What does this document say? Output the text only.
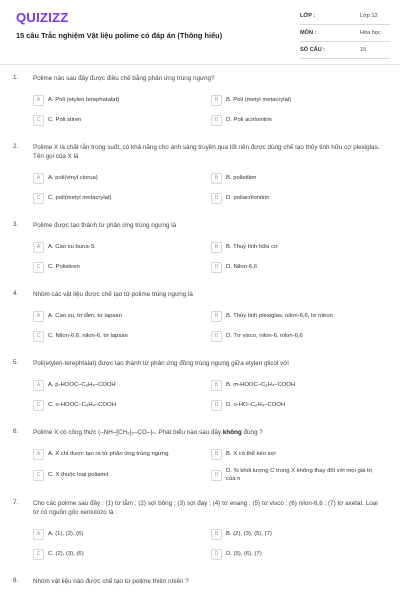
QUIZIZZ
15 câu Trắc nghiệm Vật liệu polime có đáp án (Thông hiểu)
LỚP :	Lớp 12
MÔN :	Hóa học
SỐ CÂU :	15
1. Polime nào sau đây được điều chế bằng phản ứng trùng ngưng?

A	A. Poli (etylen terephatalat)	B	B. Poli (metyl metacrylat)
C	C. Poli stiren	D	D. Poli acrilonitrin
2. Polime X là chất rắn trong suốt, có khả năng cho ánh sáng truyền qua tốt nên được dùng chế tạo thủy tinh hữu cơ plexiglas. Tên gọi của X là

A	A. poli(vinyl clorua)	B	B. polietilen
C	C. poli(metyl metacrylat)	D	D. poliacrilonitrin
3. Polime được tạo thành từ phản ứng trùng ngưng là

A	A. Cao su buna-S	B	B. Thuỷ tinh hữu cơ
C	C. Polistiren	D	D. Nilon-6,6
4. Nhóm các vật liệu được chế tạo từ polime trùng ngưng là

A	A. Cao su, tơ tằm, tơ lapsan	B	B. Thủy tinh plexiglas, nilon-6,6, tơ nitron
C	C. Nilon-6,6, nilon-6, tơ lapsan	D	D. Tơ visco, nilon-6, nilon-6,6
5. Poli(etylen-terephtalat) được tạo thành từ phản ứng đồng trùng ngưng giữa etylen glicol với

A	A. p-HOOC–C₆H₄–COOH	B	B. m-HOOC–C₆H₄–COOH
C	C. o-HOOC–C₆H₄–COOH	D	D. o-HO–C₆H₄–COOH
6. Polime X có công thức (–NH–[CH₂]₅–CO–)ₙ. Phát biểu nào sau đây không đúng ?

A	A. X chỉ được tạo ra từ phản ứng trùng ngưng	B	B. X có thể kéo sợi
C	C. X thuộc loại poliamit	D
D. % khối lượng C trong X không thay đổi với mọi giá trị của n
7. Cho các polime sau đây : (1) tơ tằm ; (2) sợi bông ; (3) sợi đay ; (4) tơ enang ; (5) tơ visco ; (6) nilon-6,6 ; (7) tơ axetat. Loại tơ có nguồn gốc xenlulozo là :

A	A. (1), (2), (6)	B	B. (2), (3), (5), (7)
C	C. (2), (3), (6)	D	D. (5), (6), (7)
8. Nhóm vật liệu nào được chế tạo từ polime thiên nhiên ?
